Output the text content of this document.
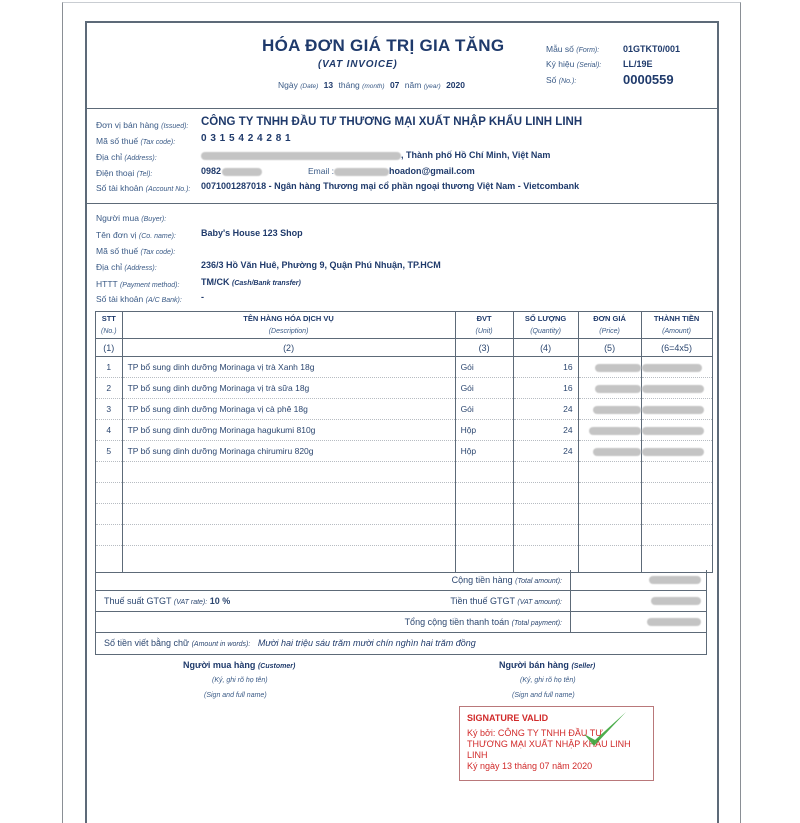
HÓA ĐƠN GIÁ TRỊ GIA TĂNG
(VAT INVOICE)
Ngày (Date) 13 tháng (month) 07 năm (year) 2020
Mẫu số (Form):	01GTKT0/001
Ký hiệu (Serial): LL/19E
Số (No.):	0000559
Đơn vị bán hàng (Issued): CÔNG TY TNHH ĐẦU TƯ THƯƠNG MẠI XUẤT NHẬP KHẨU LINH LINH
Mã số thuế (Tax code):	0 3 1 5 4 2 4 2 8 1
Địa chỉ (Address):	, Thành phố Hồ Chí Minh, Việt Nam
Điện thoại (Tel):	0982	Email :	hoadon@gmail.com
Số tài khoản (Account No.): 0071001287018 - Ngân hàng Thương mại cổ phần ngoại thương Việt Nam - Vietcombank
Người mua (Buyer):
Tên đơn vị (Co. name):	Baby's House 123 Shop
Mã số thuế (Tax code):
Địa chỉ (Address):	236/3 Hồ Văn Huê, Phường 9, Quận Phú Nhuận, TP.HCM
HTTT (Payment method): TM/CK (Cash/Bank transfer)
Số tài khoản (A/C Bank): -
STT	TÊN HÀNG HÓA DỊCH VỤ	ĐVT	SỐ LƯỢNG	ĐƠN GIÁ	THÀNH TIỀN
(No.)	(Description)	(Unit)	(Quantity)	(Price)	(Amount)
(1)	(2)	(3)	(4)	(5)	(6=4x5)
1	TP bổ sung dinh dưỡng Morinaga vị trà Xanh 18g	Gói	16		
2	TP bổ sung dinh dưỡng Morinaga vị trà sữa 18g	Gói	16		
3	TP bổ sung dinh dưỡng Morinaga vị cà phê 18g	Gói	24		
4	TP bổ sung dinh dưỡng Morinaga hagukumi 810g	Hộp	24		
5	TP bổ sung dinh dưỡng Morinaga chirumiru 820g	Hộp	24		

Cộng tiền hàng (Total amount):
Thuế suất GTGT (VAT rate): 10 %	Tiền thuế GTGT (VAT amount):
Tổng cộng tiền thanh toán (Total payment):
Số tiền viết bằng chữ (Amount in words): Mười hai triệu sáu trăm mười chín nghìn hai trăm đồng
Người mua hàng (Customer)
(Ký, ghi rõ họ tên)
(Sign and full name)
Người bán hàng (Seller)
(Ký, ghi rõ họ tên)
(Sign and full name)
SIGNATURE VALID
Ký bởi: CÔNG TY TNHH ĐẦU TƯ THƯƠNG MẠI XUẤT NHẬP KHẨU LINH LINH
Ký ngày 13 tháng 07 năm 2020
